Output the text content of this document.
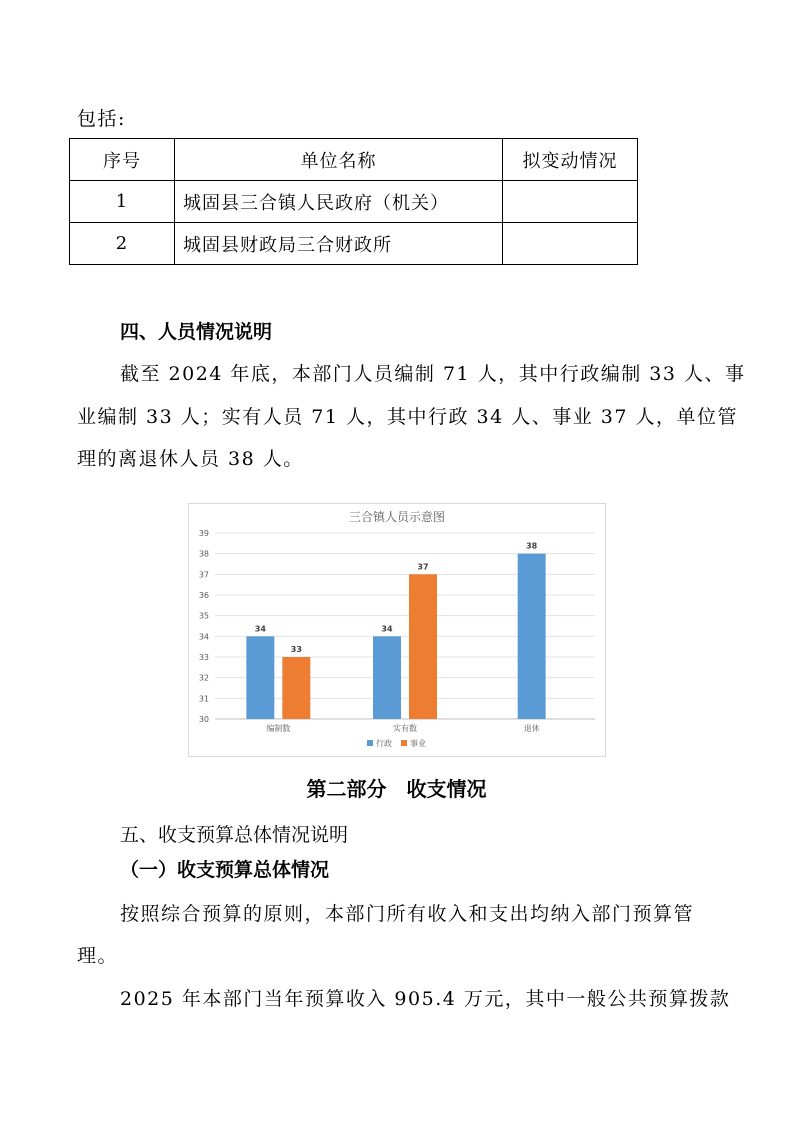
包括:
序号	单位名称	拟变动情况
1	城固县三合镇人民政府（机关）	
2	城固县财政局三合财政所	
四、人员情况说明
截至 2024 年底，本部门人员编制 71 人，其中行政编制 33 人、事
业编制 33 人；实有人员 71 人，其中行政 34 人、事业 37 人，单位管
理的离退休人员 38 人。
三合镇人员示意图
30
31
32
33
34
35
36
37
38
39
34
33
编制数
34
37
实有数
38
退休
行政 事业
第二部分　收支情况
五、收支预算总体情况说明
（一）收支预算总体情况
按照综合预算的原则，本部门所有收入和支出均纳入部门预算管
理。
2025 年本部门当年预算收入 905.4 万元，其中一般公共预算拨款
